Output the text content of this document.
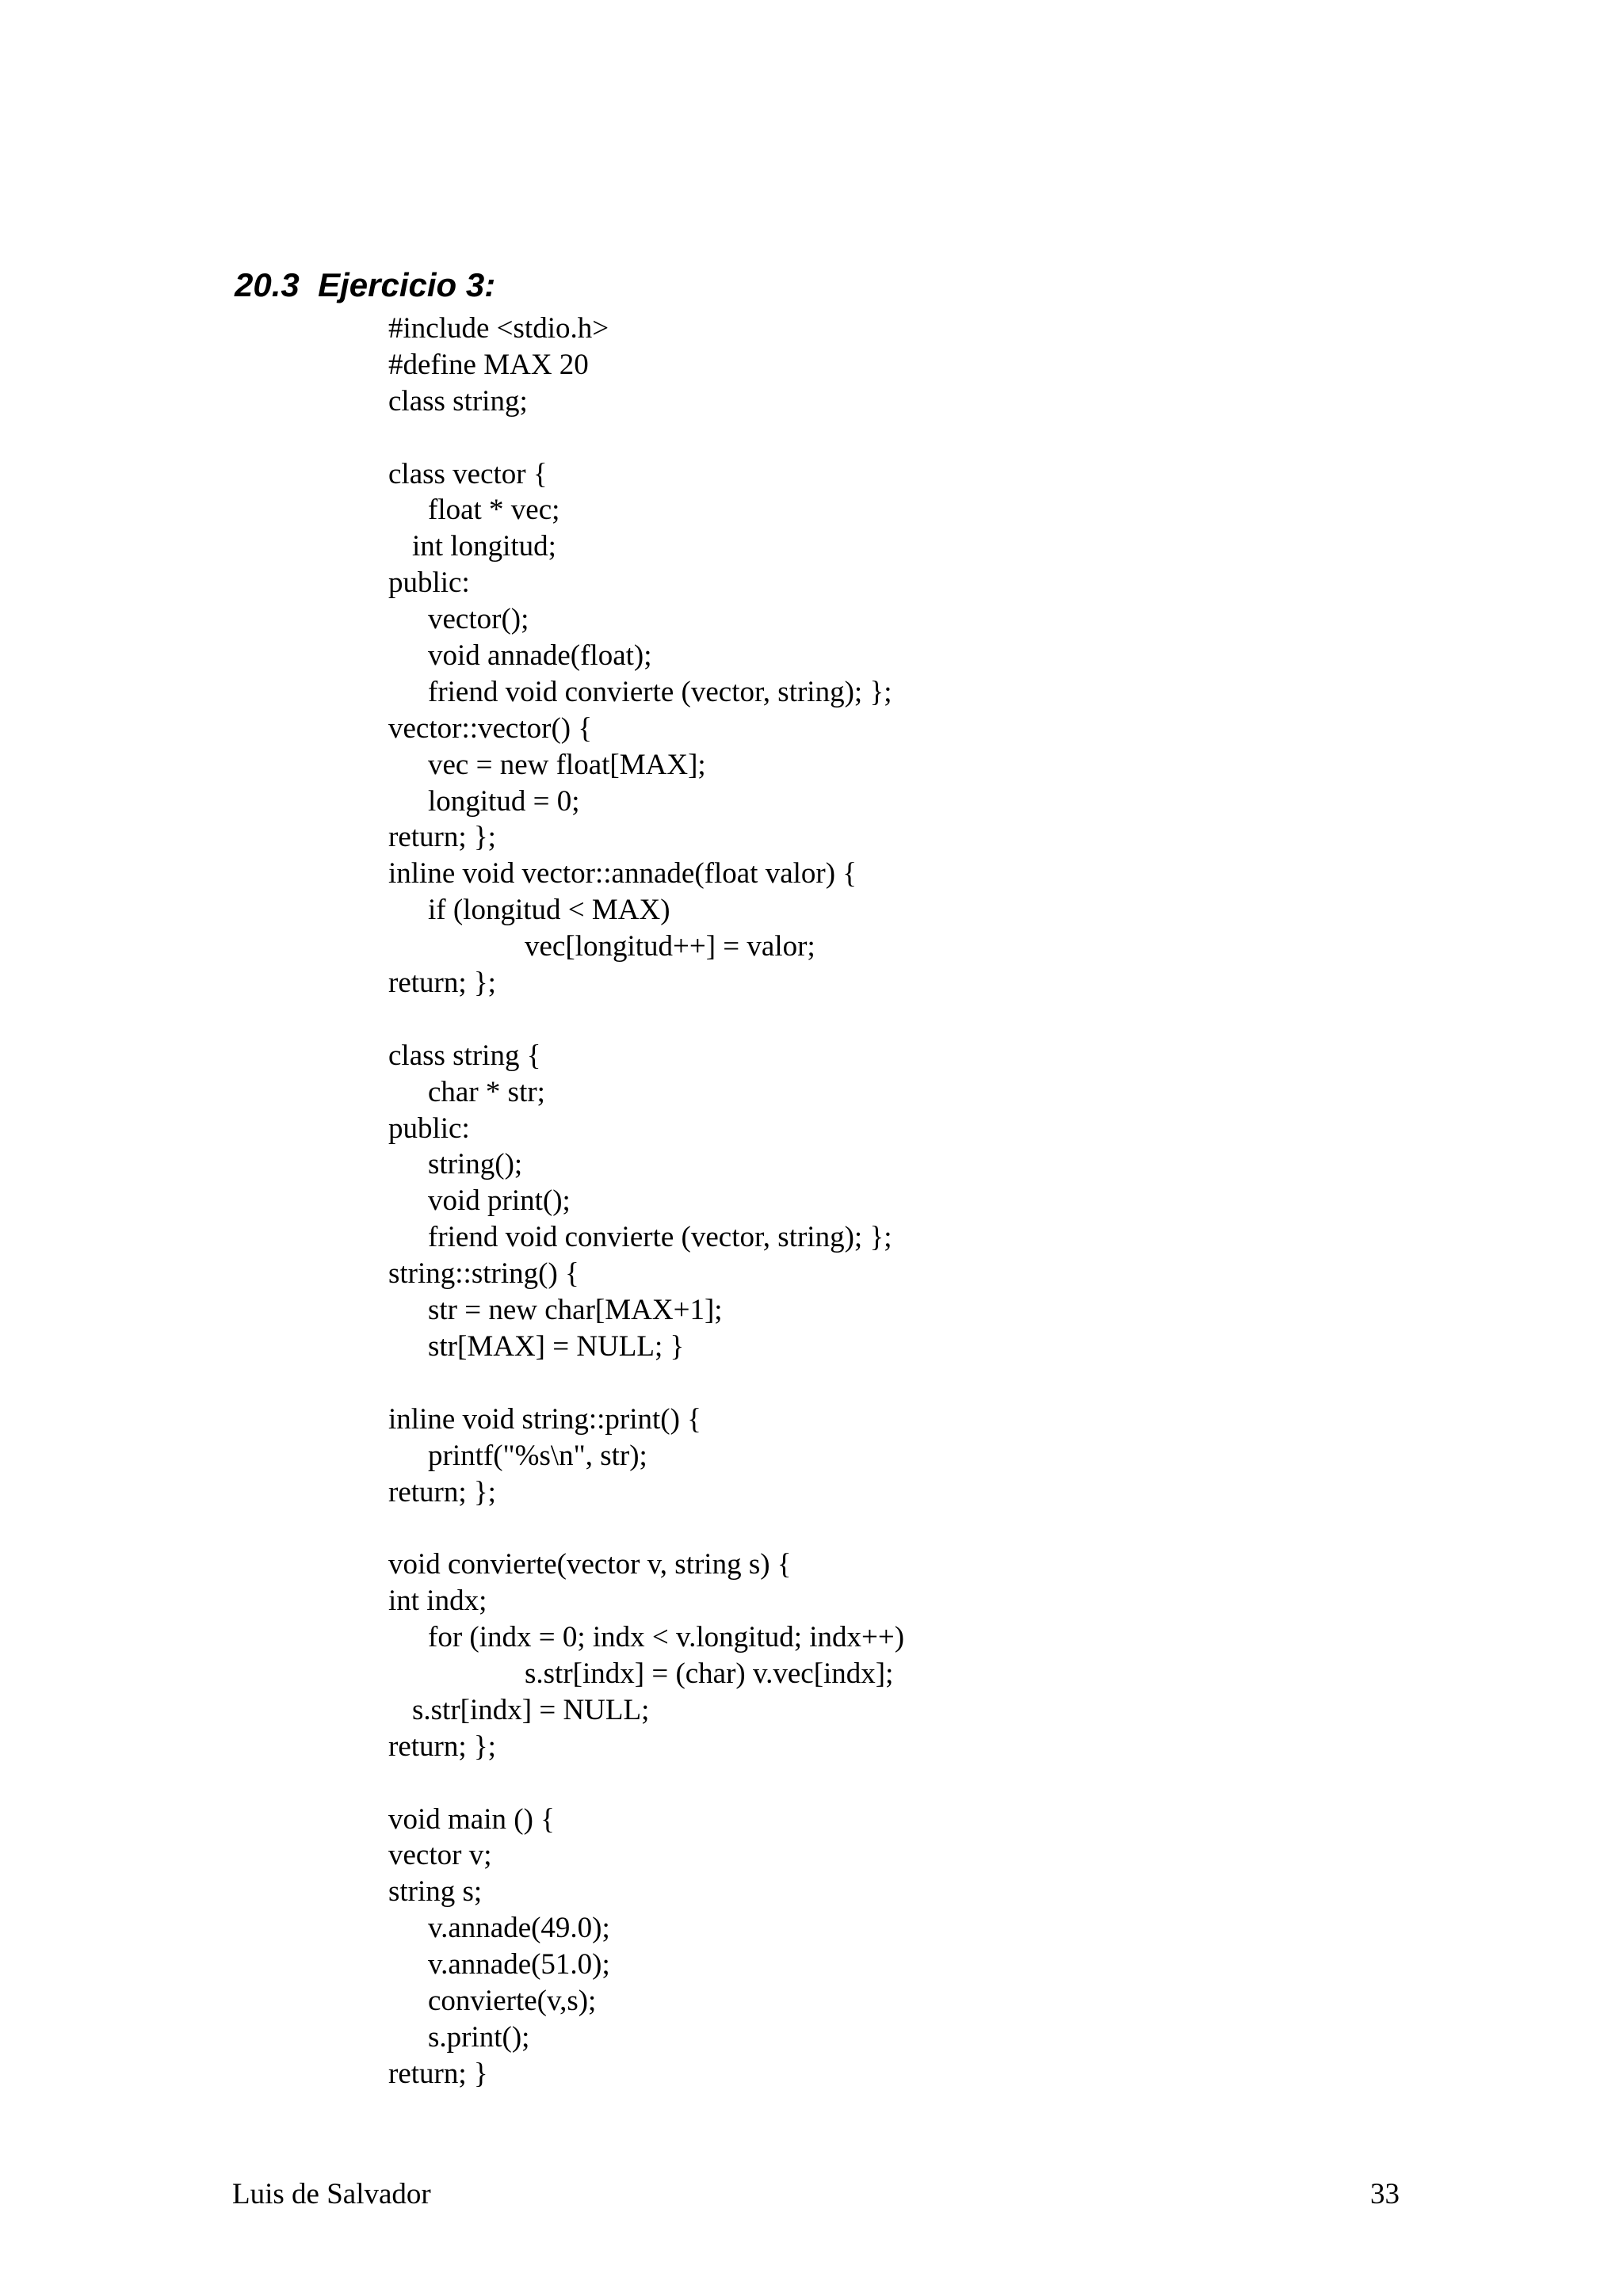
20.3  Ejercicio 3:
#include <stdio.h>
#define MAX 20
class string;
class vector {
float * vec;
int longitud;
public:
vector();
void annade(float);
friend void convierte (vector, string); };
vector::vector() {
vec = new float[MAX];
longitud = 0;
return; };
inline void vector::annade(float valor) {
if (longitud < MAX)
vec[longitud++] = valor;
return; };
class string {
char * str;
public:
string();
void print();
friend void convierte (vector, string); };
string::string() {
str = new char[MAX+1];
str[MAX] = NULL; }
inline void string::print() {
printf("%s\n", str);
return; };
void convierte(vector v, string s) {
int indx;
for (indx = 0; indx < v.longitud; indx++)
s.str[indx] = (char) v.vec[indx];
s.str[indx] = NULL;
return; };
void main () {
vector v;
string s;
v.annade(49.0);
v.annade(51.0);
convierte(v,s);
s.print();
return; }
Luis de Salvador	33
